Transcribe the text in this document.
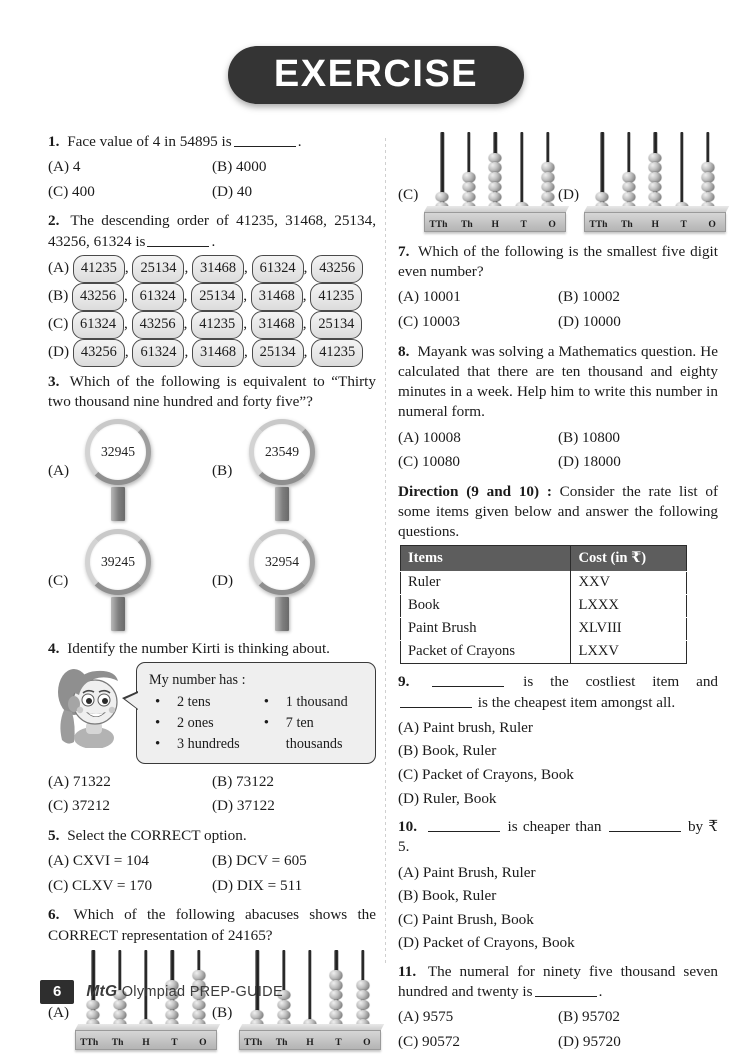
EXERCISE
1. Face value of 4 in 54895 is	.
(A) 4	(B) 4000
(C) 400	(D) 40
2. The descending order of 41235, 31468, 25134, 43256, 61324 is	.
(A) 41235 , 25134 , 31468 , 61324 , 43256
(B) 43256 , 61324 , 25134 , 31468 , 41235
(C) 61324 , 43256 , 41235 , 31468 , 25134
(D) 43256 , 61324 , 31468 , 25134 , 41235
3. Which of the following is equivalent to “Thirty two thousand nine hundred and forty five”?
(A)
32945
(B)
23549
(C)
39245
(D)
32954
4. Identify the number Kirti is thinking about.
My number has :
• 2 tens
• 2 ones
• 3 hundreds
• 1 thousand
• 7 ten thousands
(A) 71322	(B) 73122
(C) 37212	(D) 37122
5. Select the CORRECT option.
(A) CXVI = 104	(B) DCV = 605
(C) CLXV = 170	(D) DIX = 511
6. Which of the following abacuses shows the CORRECT representation of 24165?
(A)
TTh	Th	H	T	O
(B)
TTh	Th	H	T	O
(C)
TTh	Th	H	T	O
(D)
TTh	Th	H	T	O
7. Which of the following is the smallest five digit even number?
(A) 10001	(B) 10002
(C) 10003	(D) 10000
8. Mayank was solving a Mathematics question. He calculated that there are ten thousand and eighty minutes in a week. Help him to write this number in numeral form.
(A) 10008	(B) 10800
(C) 10080	(D) 18000
Direction (9 and 10) : Consider the rate list of some items given below and answer the following questions.
Items	Cost (in ₹)
Ruler	XXV
Book	LXXX
Paint Brush	XLVIII
Packet of Crayons	LXXV
9.	is the costliest item and  is the cheapest item amongst all.
(A) Paint brush, Ruler
(B) Book, Ruler
(C) Packet of Crayons, Book
(D) Ruler, Book
10.	is cheaper than	by ₹ 5.
(A) Paint Brush, Ruler
(B) Book, Ruler
(C) Paint Brush, Book
(D) Packet of Crayons, Book
11. The numeral for ninety five thousand seven hundred and twenty is	.
(A) 9575	(B) 95702
(C) 90572	(D) 95720
6	MtG Olympiad PREP-GUIDE
